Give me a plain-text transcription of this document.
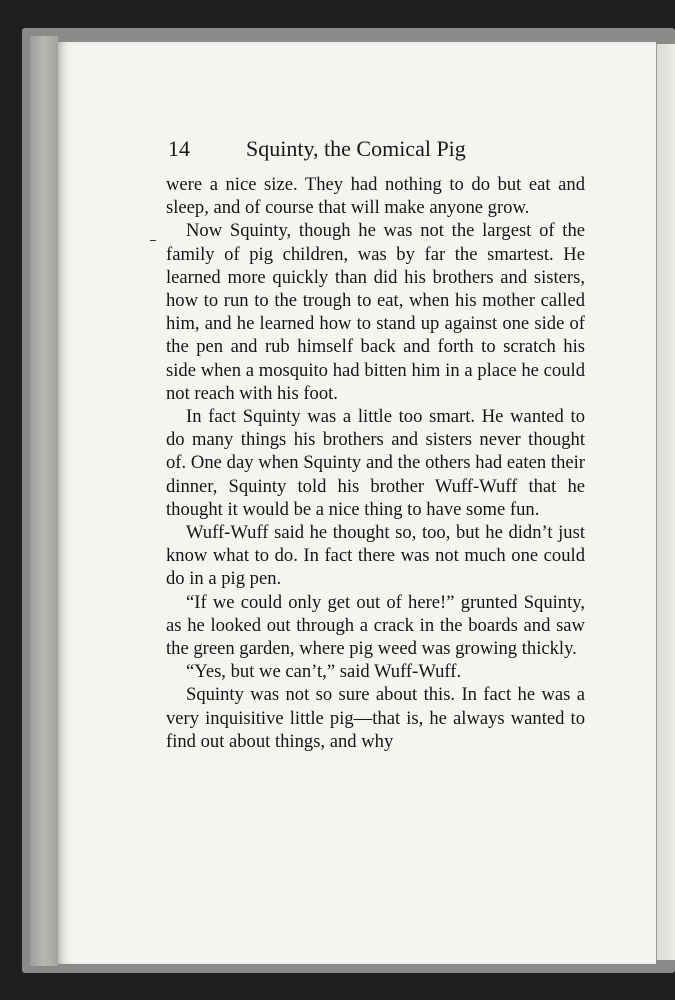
14	Squinty, the Comical Pig

were a nice size. They had nothing to do but eat and sleep, and of course that will make anyone grow.

Now Squinty, though he was not the largest of the family of pig children, was by far the smartest. He learned more quickly than did his brothers and sisters, how to run to the trough to eat, when his mother called him, and he learned how to stand up against one side of the pen and rub himself back and forth to scratch his side when a mosquito had bitten him in a place he could not reach with his foot.

In fact Squinty was a little too smart. He wanted to do many things his brothers and sisters never thought of. One day when Squinty and the others had eaten their dinner, Squinty told his brother Wuff-Wuff that he thought it would be a nice thing to have some fun.

Wuff-Wuff said he thought so, too, but he didn’t just know what to do. In fact there was not much one could do in a pig pen.

“If we could only get out of here!” grunted Squinty, as he looked out through a crack in the boards and saw the green garden, where pig weed was growing thickly.

“Yes, but we can’t,” said Wuff-Wuff.

Squinty was not so sure about this. In fact he was a very inquisitive little pig—that is, he always wanted to find out about things, and why
